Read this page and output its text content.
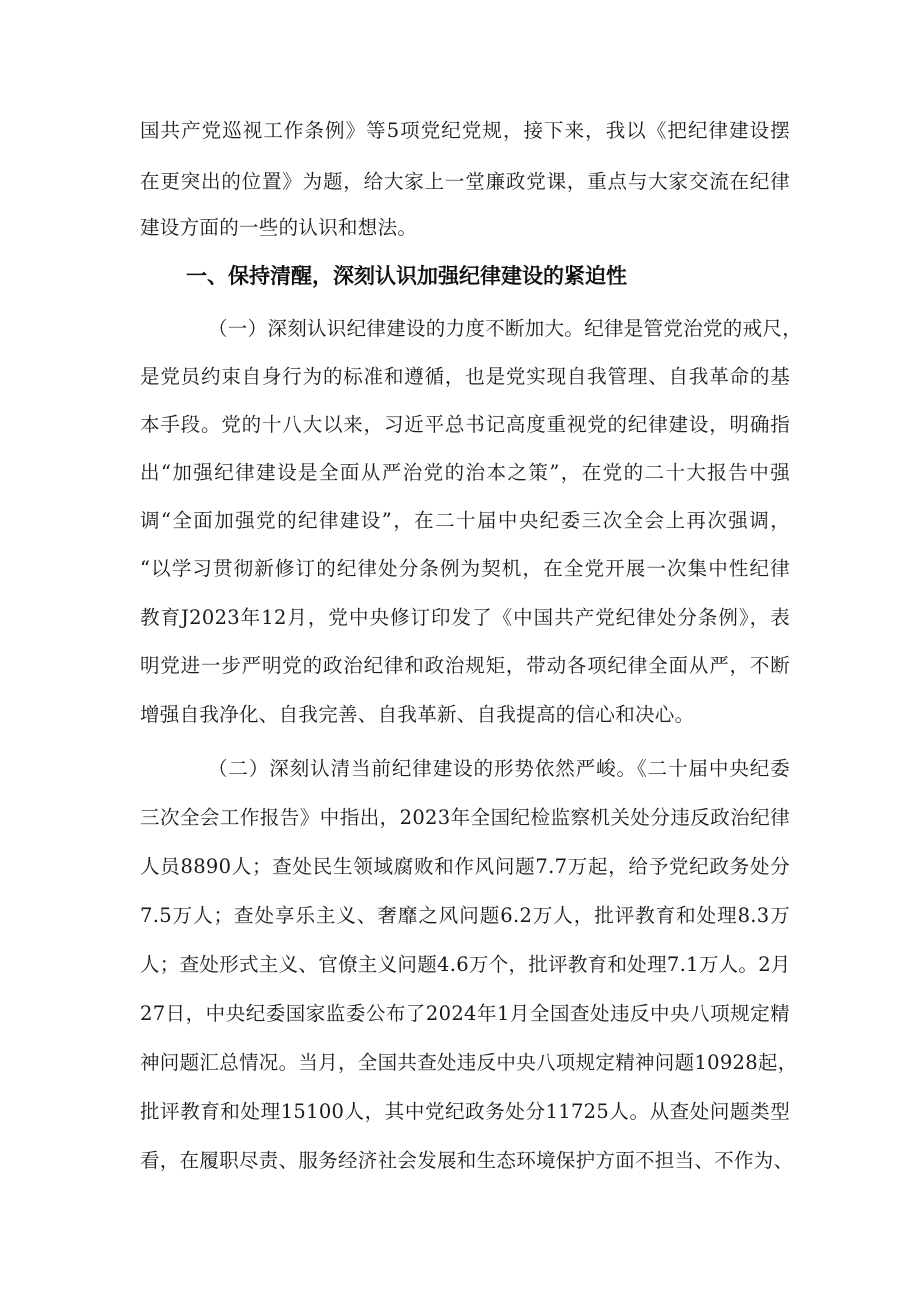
国共产党巡视工作条例》等5项党纪党规，接下来，我以《把纪律建设摆
在更突出的位置》为题，给大家上一堂廉政党课，重点与大家交流在纪律
建设方面的一些的认识和想法。
一、保持清醒，深刻认识加强纪律建设的紧迫性
（一）深刻认识纪律建设的力度不断加大。纪律是管党治党的戒尺，
是党员约束自身行为的标准和遵循，也是党实现自我管理、自我革命的基
本手段。党的十八大以来，习近平总书记高度重视党的纪律建设，明确指
出“加强纪律建设是全面从严治党的治本之策”，在党的二十大报告中强
调“全面加强党的纪律建设”，在二十届中央纪委三次全会上再次强调，
“以学习贯彻新修订的纪律处分条例为契机，在全党开展一次集中性纪律
教育J2023年12月，党中央修订印发了《中国共产党纪律处分条例》，表
明党进一步严明党的政治纪律和政治规矩，带动各项纪律全面从严，不断
增强自我净化、自我完善、自我革新、自我提高的信心和决心。
（二）深刻认清当前纪律建设的形势依然严峻。《二十届中央纪委
三次全会工作报告》中指出，2023年全国纪检监察机关处分违反政治纪律
人员8890人；查处民生领域腐败和作风问题7.7万起，给予党纪政务处分
7.5万人；查处享乐主义、奢靡之风问题6.2万人，批评教育和处理8.3万
人；查处形式主义、官僚主义问题4.6万个，批评教育和处理7.1万人。2月
27日，中央纪委国家监委公布了2024年1月全国查处违反中央八项规定精
神问题汇总情况。当月，全国共查处违反中央八项规定精神问题10928起，
批评教育和处理15100人，其中党纪政务处分11725人。从查处问题类型
看，在履职尽责、服务经济社会发展和生态环境保护方面不担当、不作为、
